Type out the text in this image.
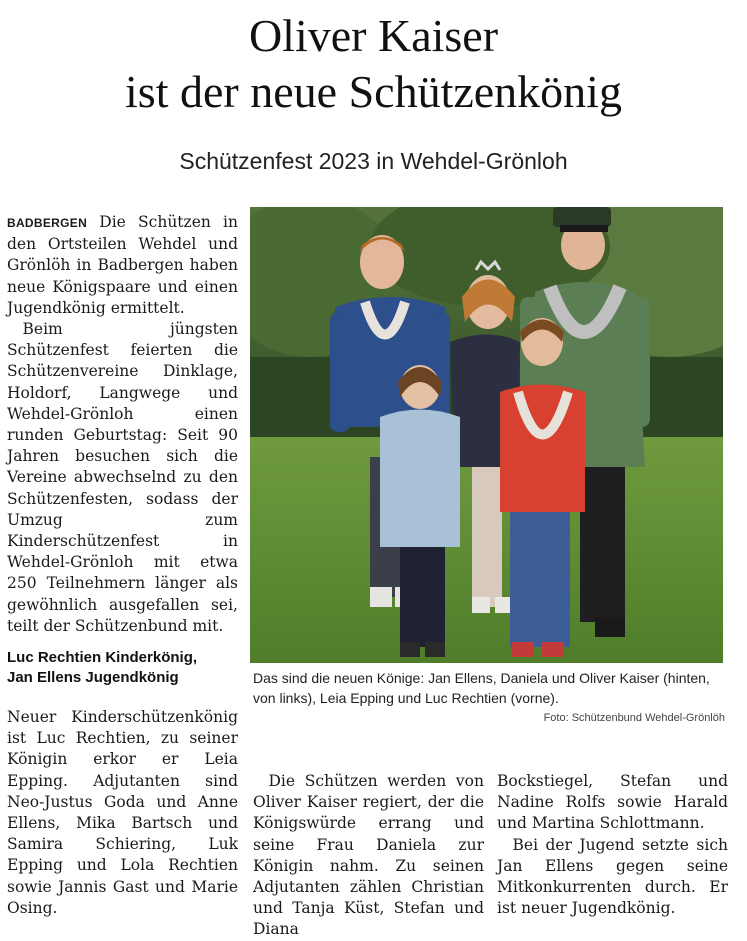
Oliver Kaiser
ist der neue Schützenkönig
Schützenfest 2023 in Wehdel-Grönloh

BADBERGEN Die Schützen in den Ortsteilen Wehdel und Grönlöh in Badbergen haben neue Königspaare und einen Jugendkönig ermittelt.

Beim jüngsten Schützenfest feierten die Schützenvereine Dinklage, Holdorf, Langwege und Wehdel-Grönloh einen runden Geburtstag: Seit 90 Jahren besuchen sich die Vereine abwechselnd zu den Schützenfesten, sodass der Umzug zum Kinderschützenfest in Wehdel-Grönloh mit etwa 250 Teilnehmern länger als gewöhnlich ausgefallen sei, teilt der Schützenbund mit.

Luc Rechtien Kinderkönig,
Jan Ellens Jugendkönig

Neuer Kinderschützenkönig ist Luc Rechtien, zu seiner Königin erkor er Leia Epping. Adjutanten sind Neo-Justus Goda und Anne Ellens, Mika Bartsch und Samira Schiering, Luk Epping und Lola Rechtien sowie Jannis Gast und Marie Osing.

Das sind die neuen Könige: Jan Ellens, Daniela und Oliver Kaiser (hinten, von links), Leia Epping und Luc Rechtien (vorne).
Foto: Schützenbund Wehdel-Grönlöh

Die Schützen werden von Oliver Kaiser regiert, der die Königswürde errang und seine Frau Daniela zur Königin nahm. Zu seinen Adjutanten zählen Christian und Tanja Küst, Stefan und Diana

Bockstiegel, Stefan und Nadine Rolfs sowie Harald und Martina Schlottmann.

Bei der Jugend setzte sich Jan Ellens gegen seine Mitkonkurrenten durch. Er ist neuer Jugendkönig.
